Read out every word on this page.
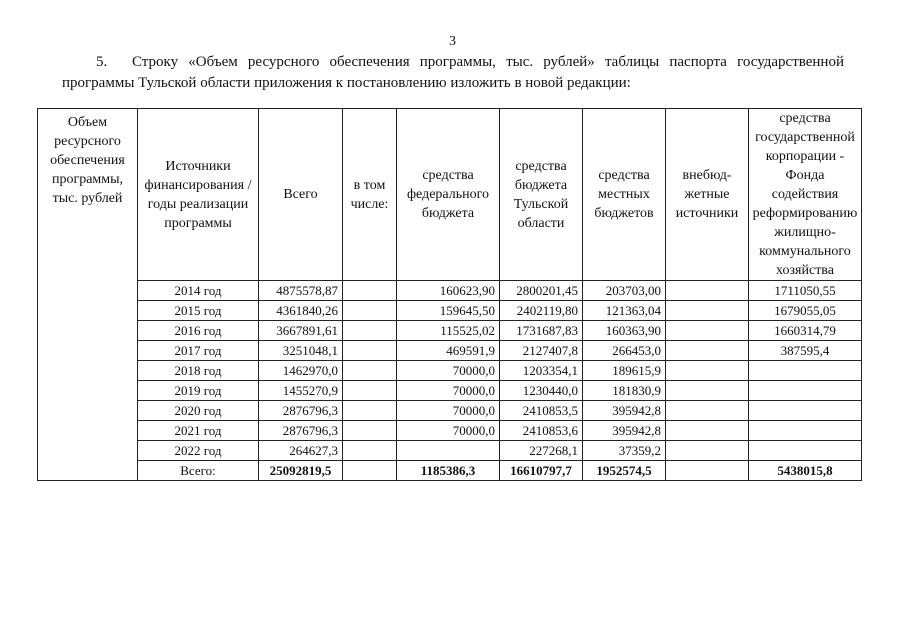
3
5. Строку «Объем ресурсного обеспечения программы, тыс. рублей» таблицы паспорта государственной программы Тульской области приложения к постановлению изложить в новой редакции:
Объем ресурсного обеспечения программы, тыс. рублей	Источники финансирования / годы реализации программы	Всего	в том числе:	средства федерального бюджета	средства бюджета Тульской области	средства местных бюджетов	внебюд- жетные источники	средства государственной корпорации - Фонда содействия реформированию жилищно- коммунального хозяйства
	2014 год	4875578,87		160623,90	2800201,45	203703,00		1711050,55
	2015 год	4361840,26		159645,50	2402119,80	121363,04		1679055,05
	2016 год	3667891,61		115525,02	1731687,83	160363,90		1660314,79
	2017 год	3251048,1		469591,9	2127407,8	266453,0		387595,4
	2018 год	1462970,0		70000,0	1203354,1	189615,9		
	2019 год	1455270,9		70000,0	1230440,0	181830,9		
	2020 год	2876796,3		70000,0	2410853,5	395942,8		
	2021 год	2876796,3		70000,0	2410853,6	395942,8		
	2022 год	264627,3			227268,1	37359,2		
	Всего:	25092819,5		1185386,3	16610797,7	1952574,5		5438015,8
